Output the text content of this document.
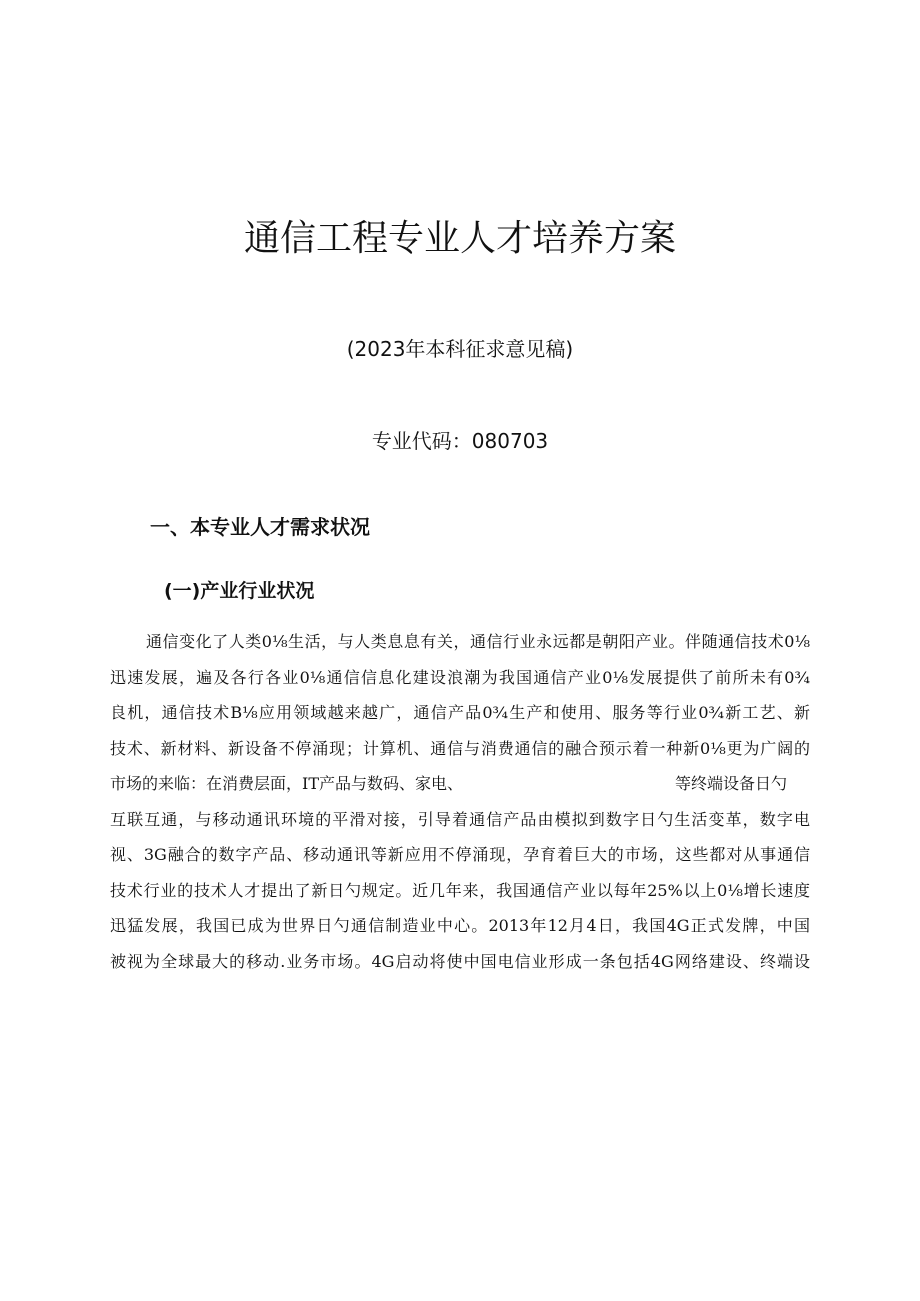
通信工程专业人才培养方案

(2023年本科征求意见稿)

专业代码：080703

一、本专业人才需求状况
(一)产业行业状况
通信变化了人类0⅛生活，与人类息息有关，通信行业永远都是朝阳产业。伴随通信技术0⅛
迅速发展，遍及各行各业0⅛通信信息化建设浪潮为我国通信产业0⅛发展提供了前所未有0¾
良机，通信技术B⅛应用领域越来越广，通信产品0¾生产和使用、服务等行业0¾新工艺、新
技术、新材料、新设备不停涌现；计算机、通信与消费通信的融合预示着一种新0⅛更为广阔的
市场的来临：在消费层面，IT产品与数码、家电、	等终端设备日勺
互联互通，与移动通讯环境的平滑对接，引导着通信产品由模拟到数字日勺生活变革，数字电
视、3G融合的数字产品、移动通讯等新应用不停涌现，孕育着巨大的市场，这些都对从事通信
技术行业的技术人才提出了新日勺规定。近几年来，我国通信产业以每年25%以上0⅛增长速度
迅猛发展，我国已成为世界日勺通信制造业中心。2013年12月4日，我国4G正式发牌，中国
被视为全球最大的移动.业务市场。4G启动将使中国电信业形成一条包括4G网络建设、终端设
